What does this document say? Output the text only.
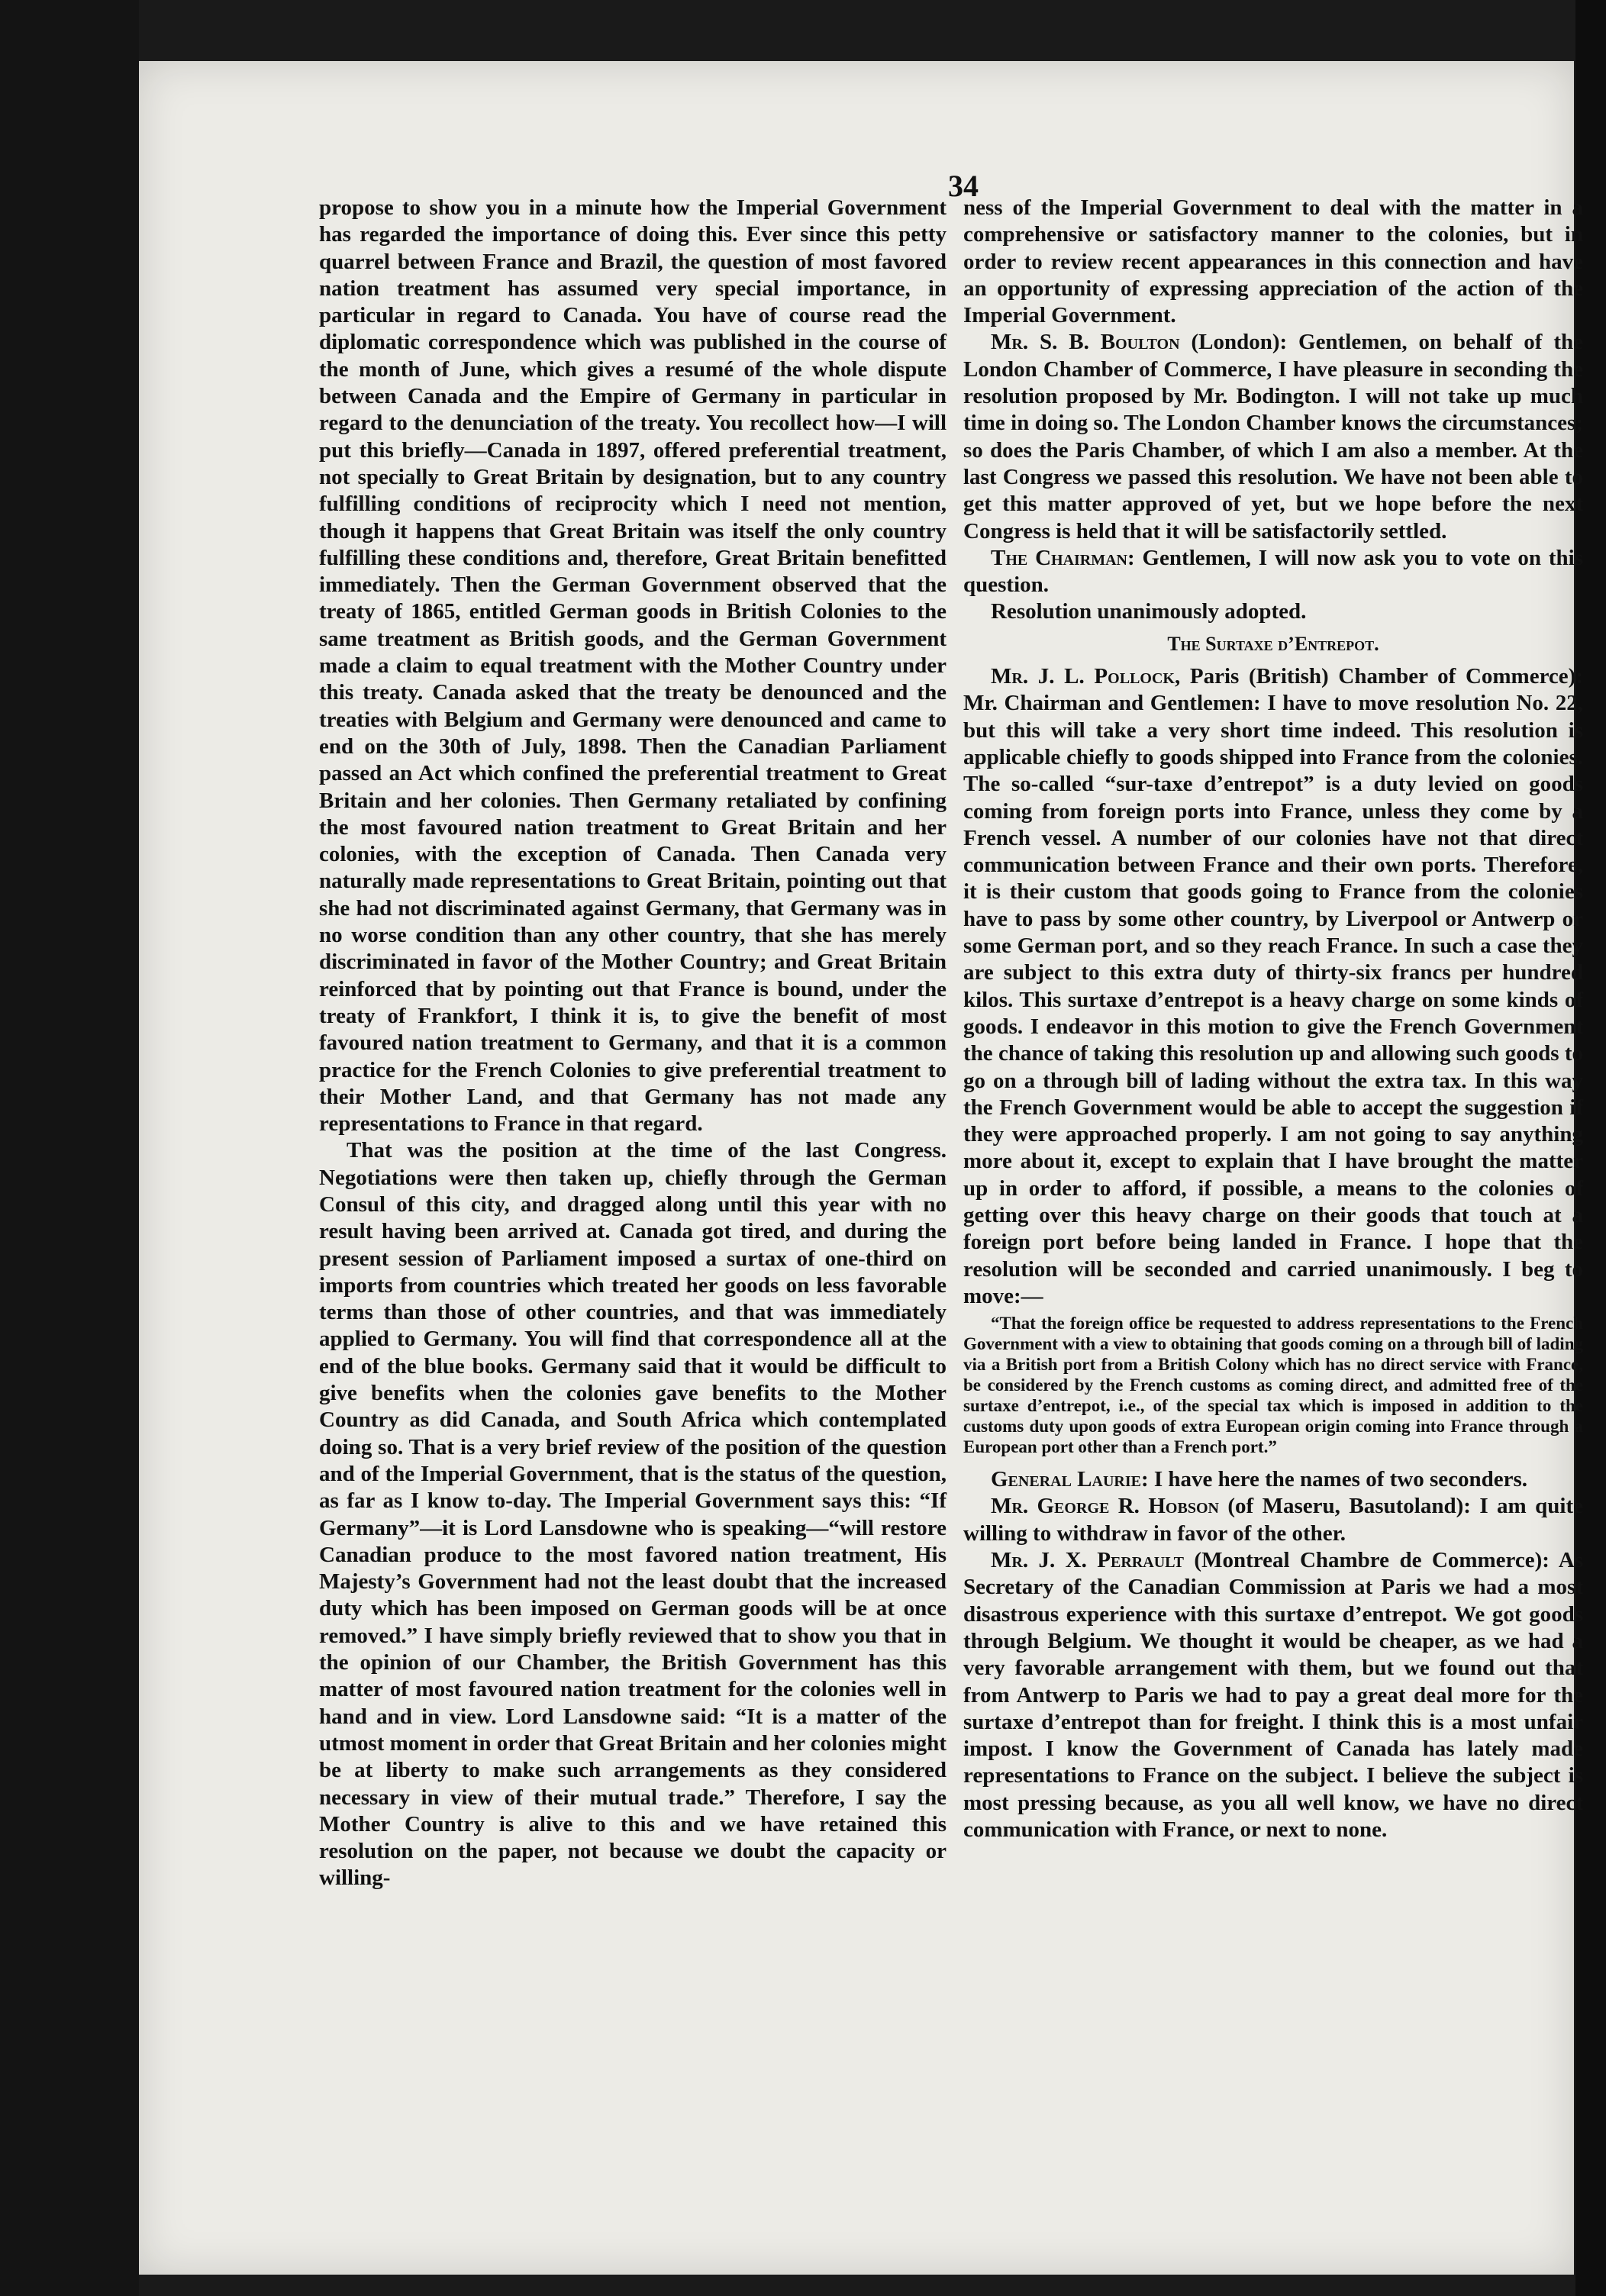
34

propose to show you in a minute how the Imperial Government has regarded the importance of doing this. Ever since this petty quarrel between France and Brazil, the question of most favored nation treatment has assumed very special importance, in particular in regard to Canada. You have of course read the diplomatic correspondence which was published in the course of the month of June, which gives a resumé of the whole dispute between Canada and the Empire of Germany in particular in regard to the denunciation of the treaty. You recollect how—I will put this briefly—Canada in 1897, offered preferential treatment, not specially to Great Britain by designation, but to any country fulfilling conditions of reciprocity which I need not mention, though it happens that Great Britain was itself the only country fulfilling these conditions and, therefore, Great Britain benefitted immediately. Then the German Government observed that the treaty of 1865, entitled German goods in British Colonies to the same treatment as British goods, and the German Government made a claim to equal treatment with the Mother Country under this treaty. Canada asked that the treaty be denounced and the treaties with Belgium and Germany were denounced and came to end on the 30th of July, 1898. Then the Canadian Parliament passed an Act which confined the preferential treatment to Great Britain and her colonies. Then Germany retaliated by confining the most favoured nation treatment to Great Britain and her colonies, with the exception of Canada. Then Canada very naturally made representations to Great Britain, pointing out that she had not discriminated against Germany, that Germany was in no worse condition than any other country, that she has merely discriminated in favor of the Mother Country; and Great Britain reinforced that by pointing out that France is bound, under the treaty of Frankfort, I think it is, to give the benefit of most favoured nation treatment to Germany, and that it is a common practice for the French Colonies to give preferential treatment to their Mother Land, and that Germany has not made any representations to France in that regard.

That was the position at the time of the last Congress. Negotiations were then taken up, chiefly through the German Consul of this city, and dragged along until this year with no result having been arrived at. Canada got tired, and during the present session of Parliament imposed a surtax of one-third on imports from countries which treated her goods on less favorable terms than those of other countries, and that was immediately applied to Germany. You will find that correspondence all at the end of the blue books. Germany said that it would be difficult to give benefits when the colonies gave benefits to the Mother Country as did Canada, and South Africa which contemplated doing so. That is a very brief review of the position of the question and of the Imperial Government, that is the status of the question, as far as I know to-day. The Imperial Government says this: “If Germany”—it is Lord Lansdowne who is speaking—“will restore Canadian produce to the most favored nation treatment, His Majesty’s Government had not the least doubt that the increased duty which has been imposed on German goods will be at once removed.” I have simply briefly reviewed that to show you that in the opinion of our Chamber, the British Government has this matter of most favoured nation treatment for the colonies well in hand and in view. Lord Lansdowne said: “It is a matter of the utmost moment in order that Great Britain and her colonies might be at liberty to make such arrangements as they considered necessary in view of their mutual trade.” Therefore, I say the Mother Country is alive to this and we have retained this resolution on the paper, not because we doubt the capacity or willing-

ness of the Imperial Government to deal with the matter in a comprehensive or satisfactory manner to the colonies, but in order to review recent appearances in this connection and have an opportunity of expressing appreciation of the action of the Imperial Government.

Mr. S. B. Boulton (London): Gentlemen, on behalf of the London Chamber of Commerce, I have pleasure in seconding the resolution proposed by Mr. Bodington. I will not take up much time in doing so. The London Chamber knows the circumstances; so does the Paris Chamber, of which I am also a member. At the last Congress we passed this resolution. We have not been able to get this matter approved of yet, but we hope before the next Congress is held that it will be satisfactorily settled.

The Chairman: Gentlemen, I will now ask you to vote on this question.

Resolution unanimously adopted.

The Surtaxe d’Entrepot.

Mr. J. L. Pollock, Paris (British) Chamber of Commerce): Mr. Chairman and Gentlemen: I have to move resolution No. 22, but this will take a very short time indeed. This resolution is applicable chiefly to goods shipped into France from the colonies. The so-called “sur-taxe d’entrepot” is a duty levied on goods coming from foreign ports into France, unless they come by a French vessel. A number of our colonies have not that direct communication between France and their own ports. Therefore, it is their custom that goods going to France from the colonies have to pass by some other country, by Liverpool or Antwerp or some German port, and so they reach France. In such a case they are subject to this extra duty of thirty-six francs per hundred kilos. This surtaxe d’entrepot is a heavy charge on some kinds of goods. I endeavor in this motion to give the French Government the chance of taking this resolution up and allowing such goods to go on a through bill of lading without the extra tax. In this way the French Government would be able to accept the suggestion if they were approached properly. I am not going to say anything more about it, except to explain that I have brought the matter up in order to afford, if possible, a means to the colonies of getting over this heavy charge on their goods that touch at a foreign port before being landed in France. I hope that the resolution will be seconded and carried unanimously. I beg to move:—

“That the foreign office be requested to address representations to the French Government with a view to obtaining that goods coming on a through bill of lading via a British port from a British Colony which has no direct service with France, be considered by the French customs as coming direct, and admitted free of the surtaxe d’entrepot, i.e., of the special tax which is imposed in addition to the customs duty upon goods of extra European origin coming into France through a European port other than a French port.”

General Laurie: I have here the names of two seconders.

Mr. George R. Hobson (of Maseru, Basutoland): I am quite willing to withdraw in favor of the other.

Mr. J. X. Perrault (Montreal Chambre de Commerce): As Secretary of the Canadian Commission at Paris we had a most disastrous experience with this surtaxe d’entrepot. We got goods through Belgium. We thought it would be cheaper, as we had a very favorable arrangement with them, but we found out that from Antwerp to Paris we had to pay a great deal more for the surtaxe d’entrepot than for freight. I think this is a most unfair impost. I know the Government of Canada has lately made representations to France on the subject. I believe the subject is most pressing because, as you all well know, we have no direct communication with France, or next to none.
